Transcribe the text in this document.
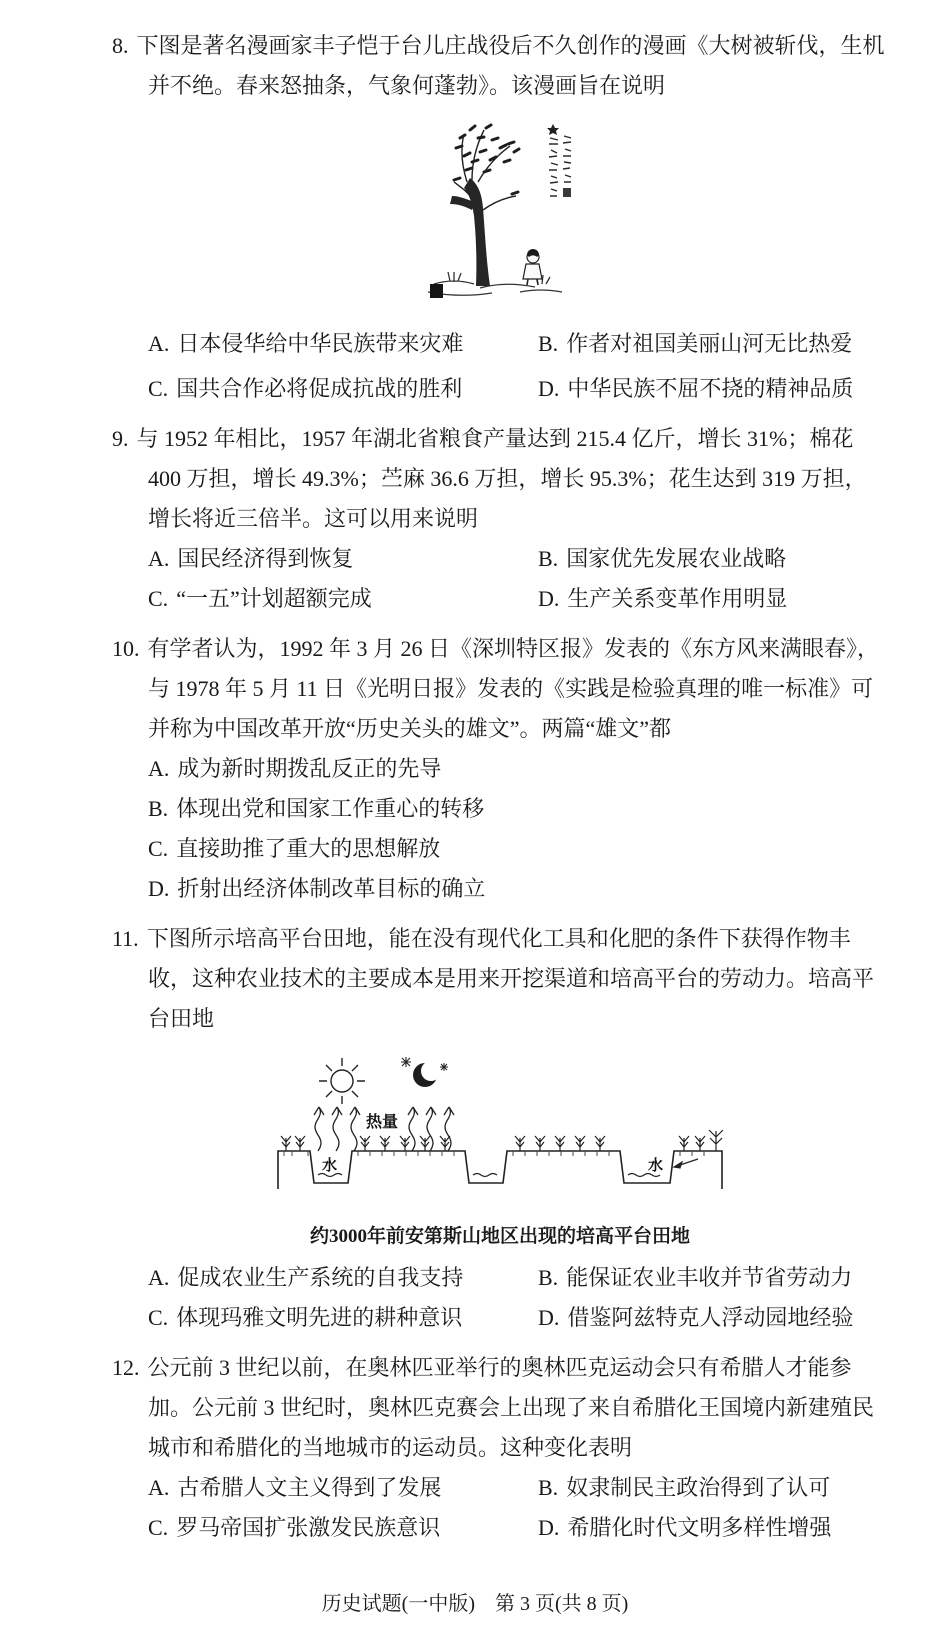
8. 下图是著名漫画家丰子恺于台儿庄战役后不久创作的漫画《大树被斩伐，生机并不绝。春来怒抽条，气象何蓬勃》。该漫画旨在说明
A. 日本侵华给中华民族带来灾难	B. 作者对祖国美丽山河无比热爱
C. 国共合作必将促成抗战的胜利	D. 中华民族不屈不挠的精神品质
9. 与 1952 年相比，1957 年湖北省粮食产量达到 215.4 亿斤，增长 31%；棉花 400 万担，增长 49.3%；苎麻 36.6 万担，增长 95.3%；花生达到 319 万担，增长将近三倍半。这可以用来说明
A. 国民经济得到恢复	B. 国家优先发展农业战略
C. “一五”计划超额完成	D. 生产关系变革作用明显
10. 有学者认为，1992 年 3 月 26 日《深圳特区报》发表的《东方风来满眼春》，与 1978 年 5 月 11 日《光明日报》发表的《实践是检验真理的唯一标准》可并称为中国改革开放“历史关头的雄文”。两篇“雄文”都
A. 成为新时期拨乱反正的先导
B. 体现出党和国家工作重心的转移
C. 直接助推了重大的思想解放
D. 折射出经济体制改革目标的确立
11. 下图所示培高平台田地，能在没有现代化工具和化肥的条件下获得作物丰收，这种农业技术的主要成本是用来开挖渠道和培高平台的劳动力。培高平台田地
热量
水	水
约3000年前安第斯山地区出现的培高平台田地
A. 促成农业生产系统的自我支持	B. 能保证农业丰收并节省劳动力
C. 体现玛雅文明先进的耕种意识	D. 借鉴阿兹特克人浮动园地经验
12. 公元前 3 世纪以前，在奥林匹亚举行的奥林匹克运动会只有希腊人才能参加。公元前 3 世纪时，奥林匹克赛会上出现了来自希腊化王国境内新建殖民城市和希腊化的当地城市的运动员。这种变化表明
A. 古希腊人文主义得到了发展	B. 奴隶制民主政治得到了认可
C. 罗马帝国扩张激发民族意识	D. 希腊化时代文明多样性增强
历史试题(一中版)　第 3 页(共 8 页)
